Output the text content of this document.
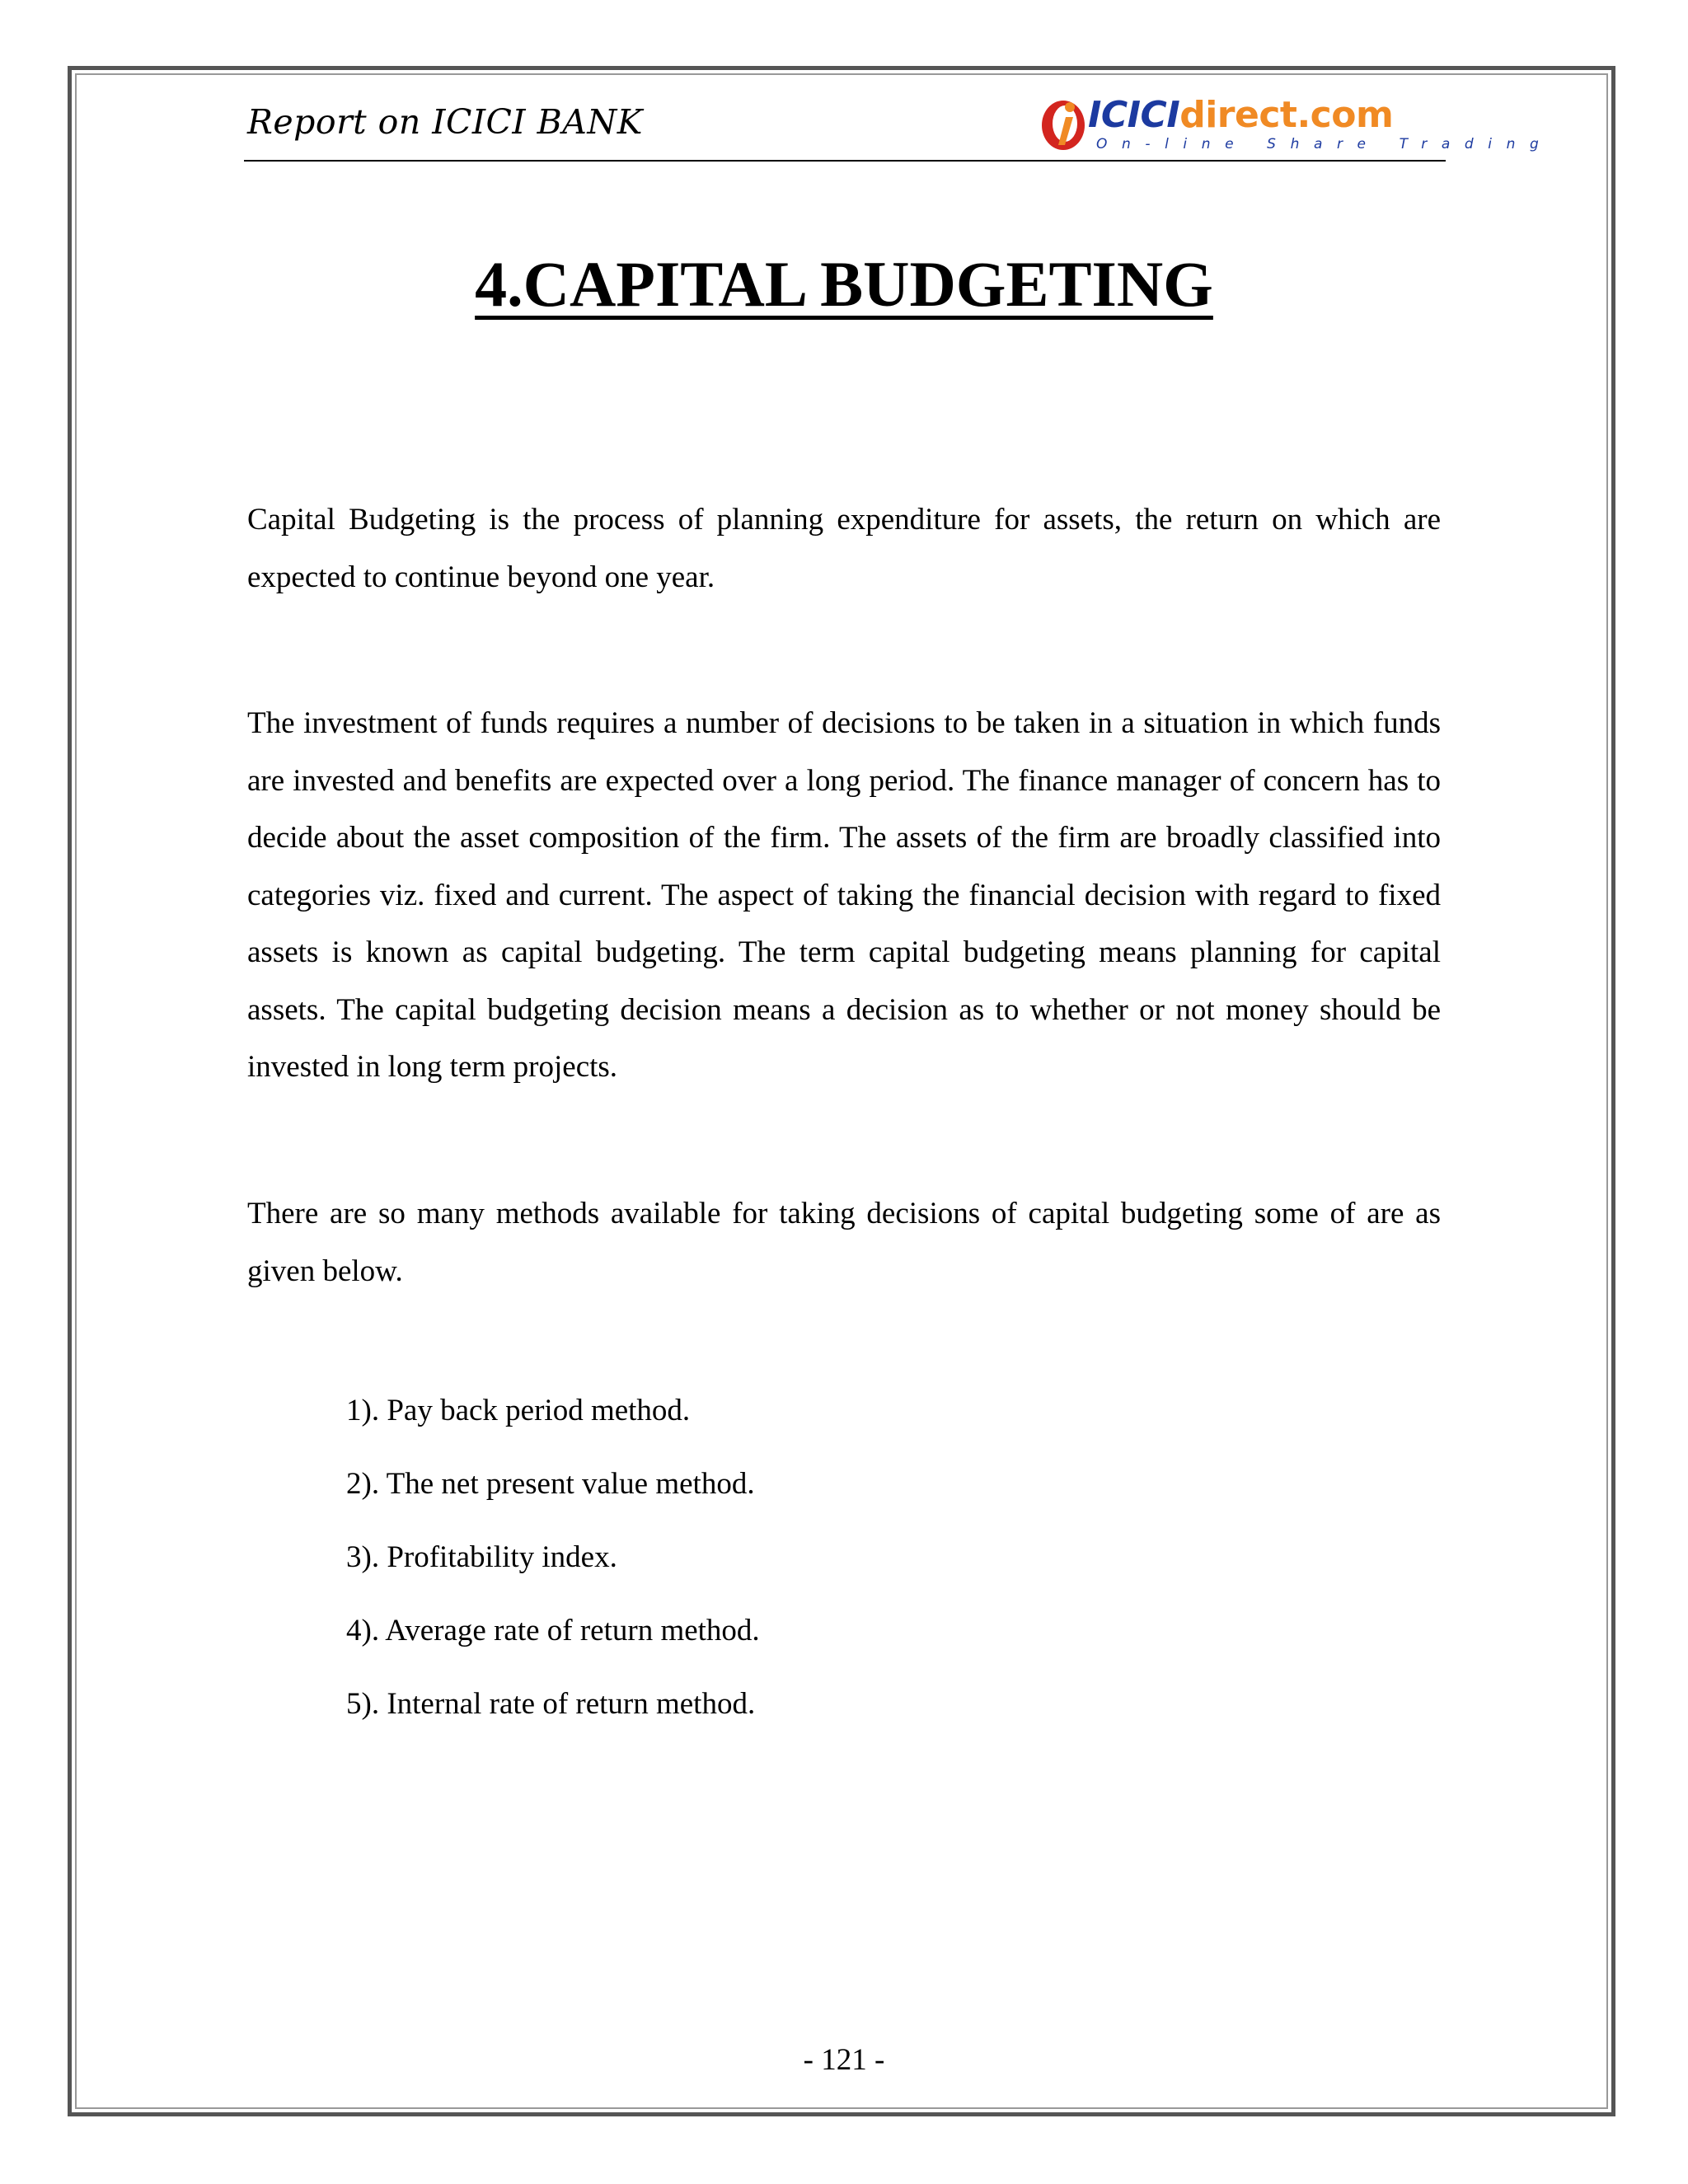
Report on ICICI BANK	ICICIdirect.com
On-line Share Trading
4.CAPITAL BUDGETING

Capital Budgeting is the process of planning expenditure for assets, the return on which are expected to continue beyond one year.

The investment of funds requires a number of decisions to be taken in a situation in which funds are invested and benefits are expected over a long period. The finance manager of concern has to decide about the asset composition of the firm. The assets of the firm are broadly classified into categories viz. fixed and current. The aspect of taking the financial decision with regard to fixed assets is known as capital budgeting. The term capital budgeting means planning for capital assets. The capital budgeting decision means a decision as to whether or not money should be invested in long term projects.

There are so many methods available for taking decisions of capital budgeting some of are as given below.

1). Pay back period method.
2). The net present value method.
3). Profitability index.
4). Average rate of return method.
5). Internal rate of return method.
- 121 -
